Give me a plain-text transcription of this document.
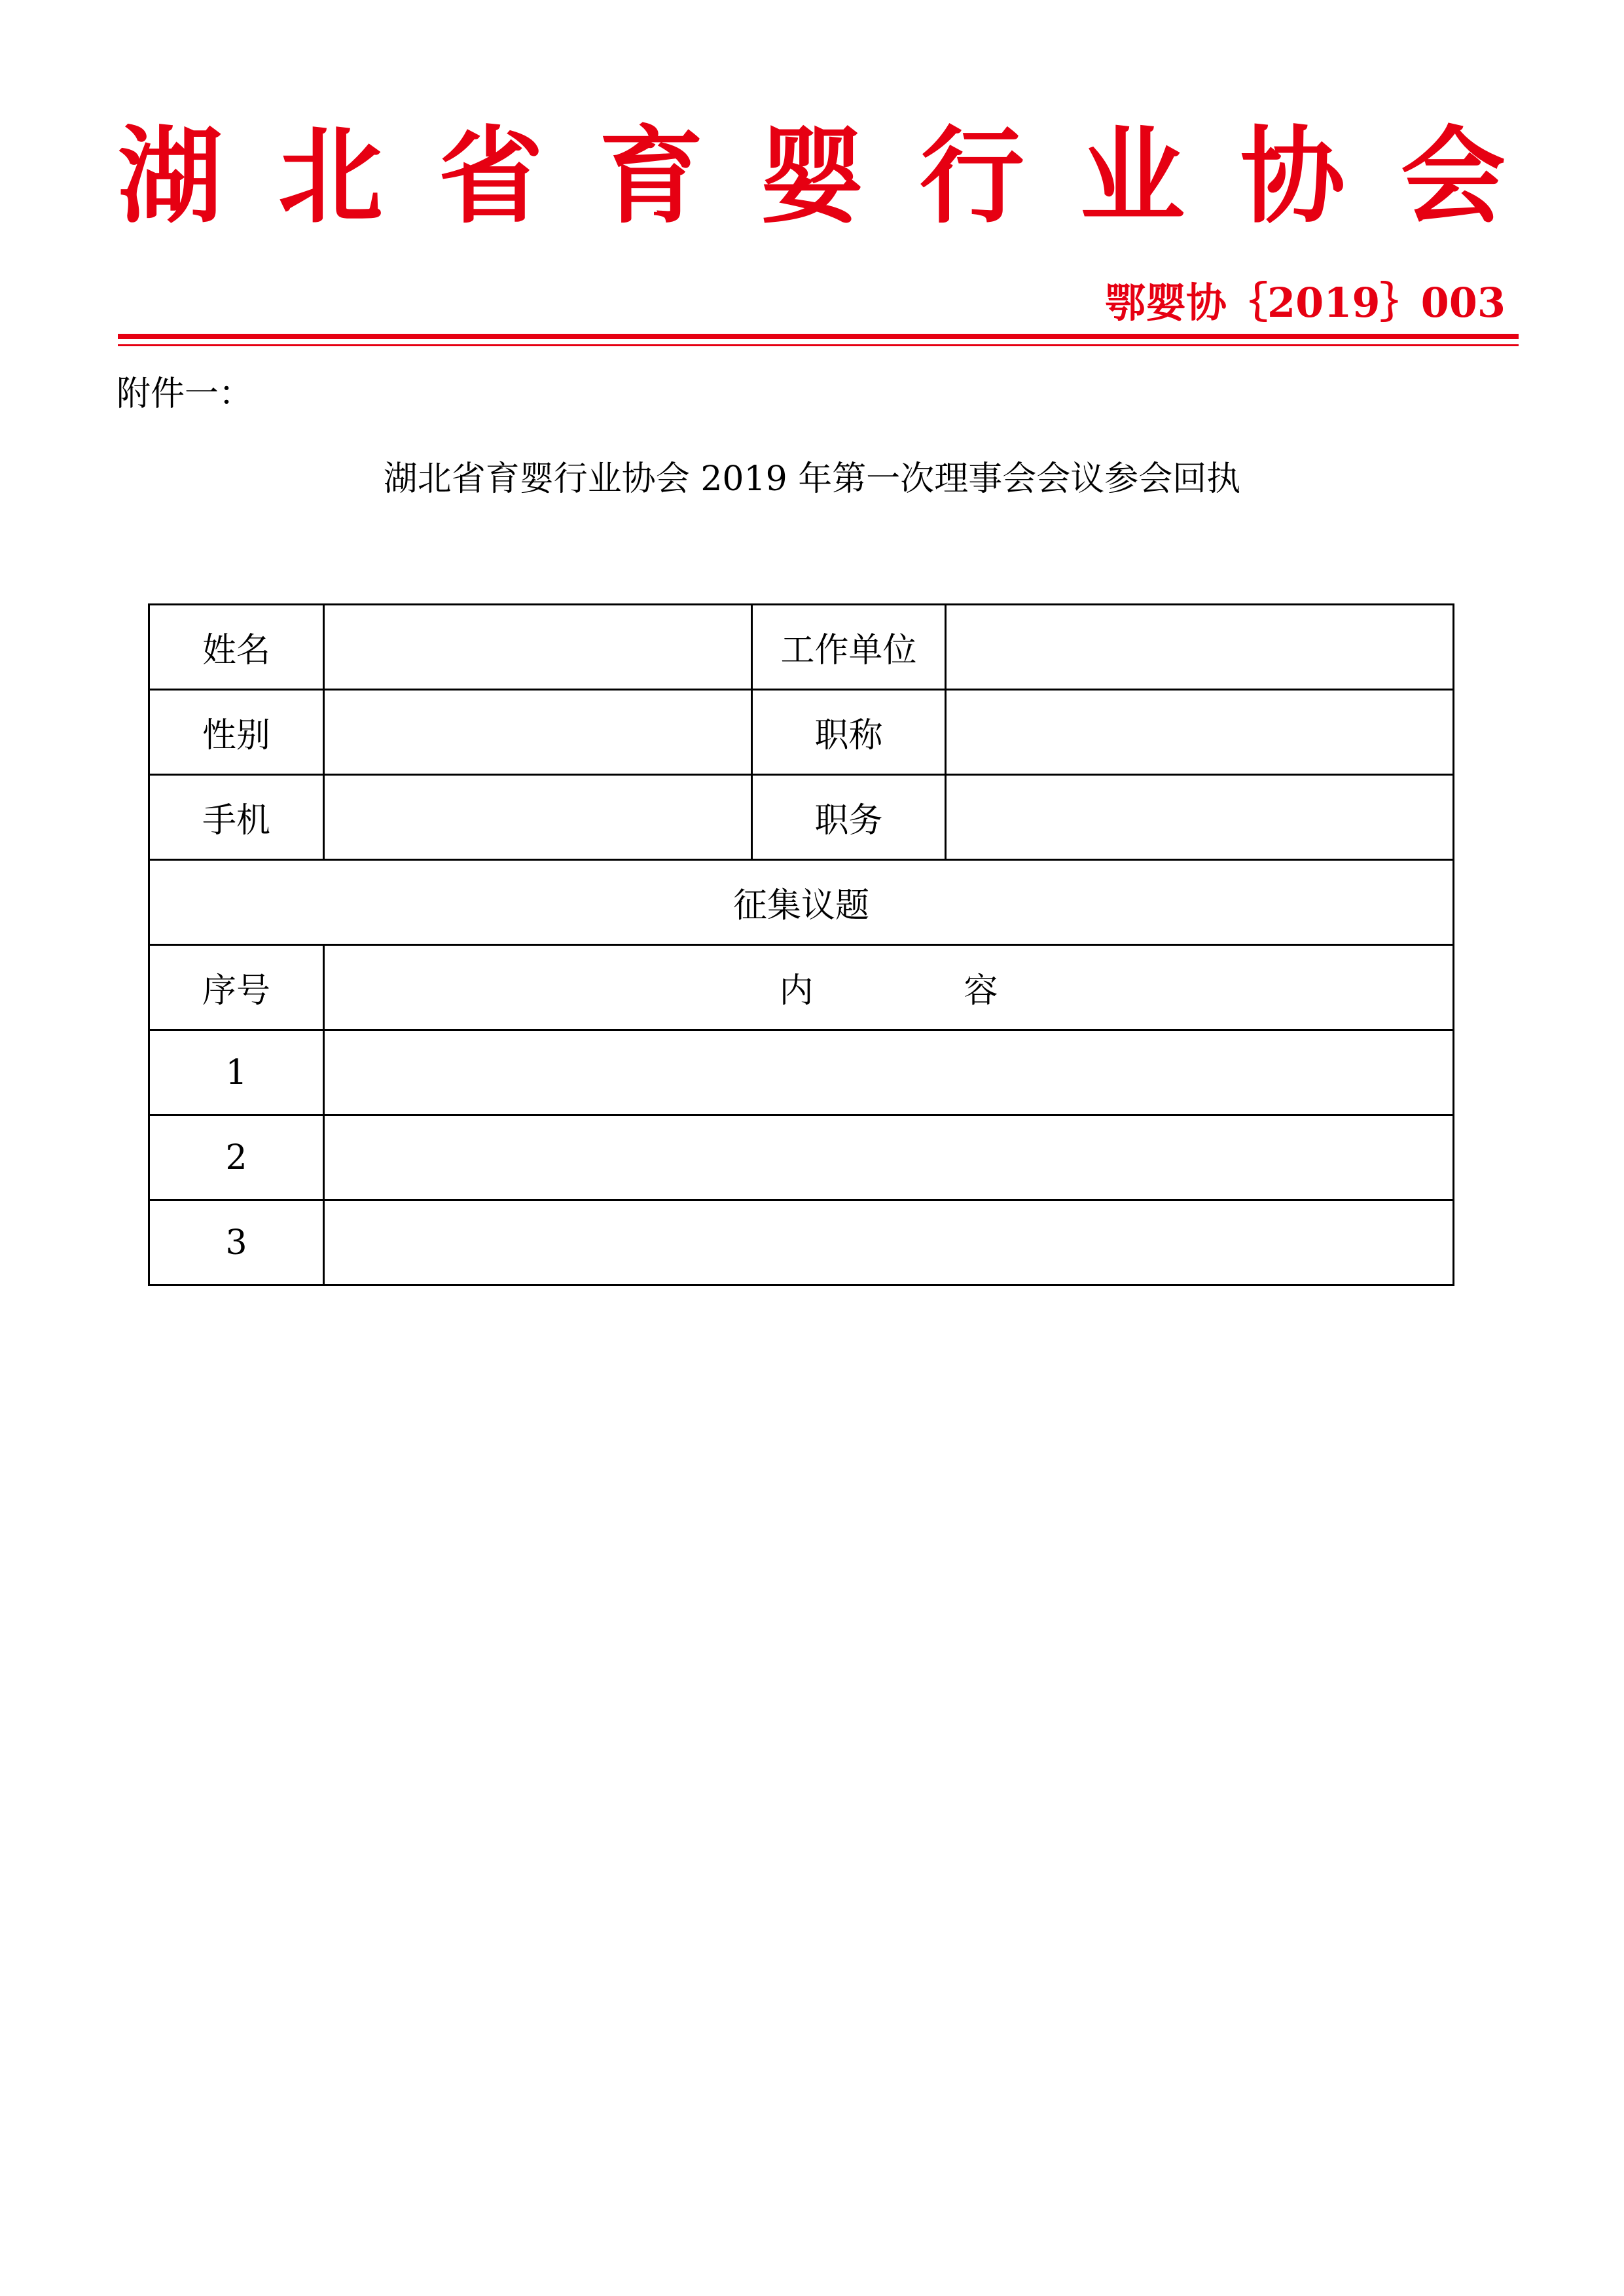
湖 北 省 育 婴 行 业 协 会
鄂婴协｛2019｝003
附件一：
湖北省育婴行业协会 2019 年第一次理事会会议参会回执
姓名		工作单位	
性别		职称	
手机		职务	
征集议题			
序号	内容		
1			
2			
3			
